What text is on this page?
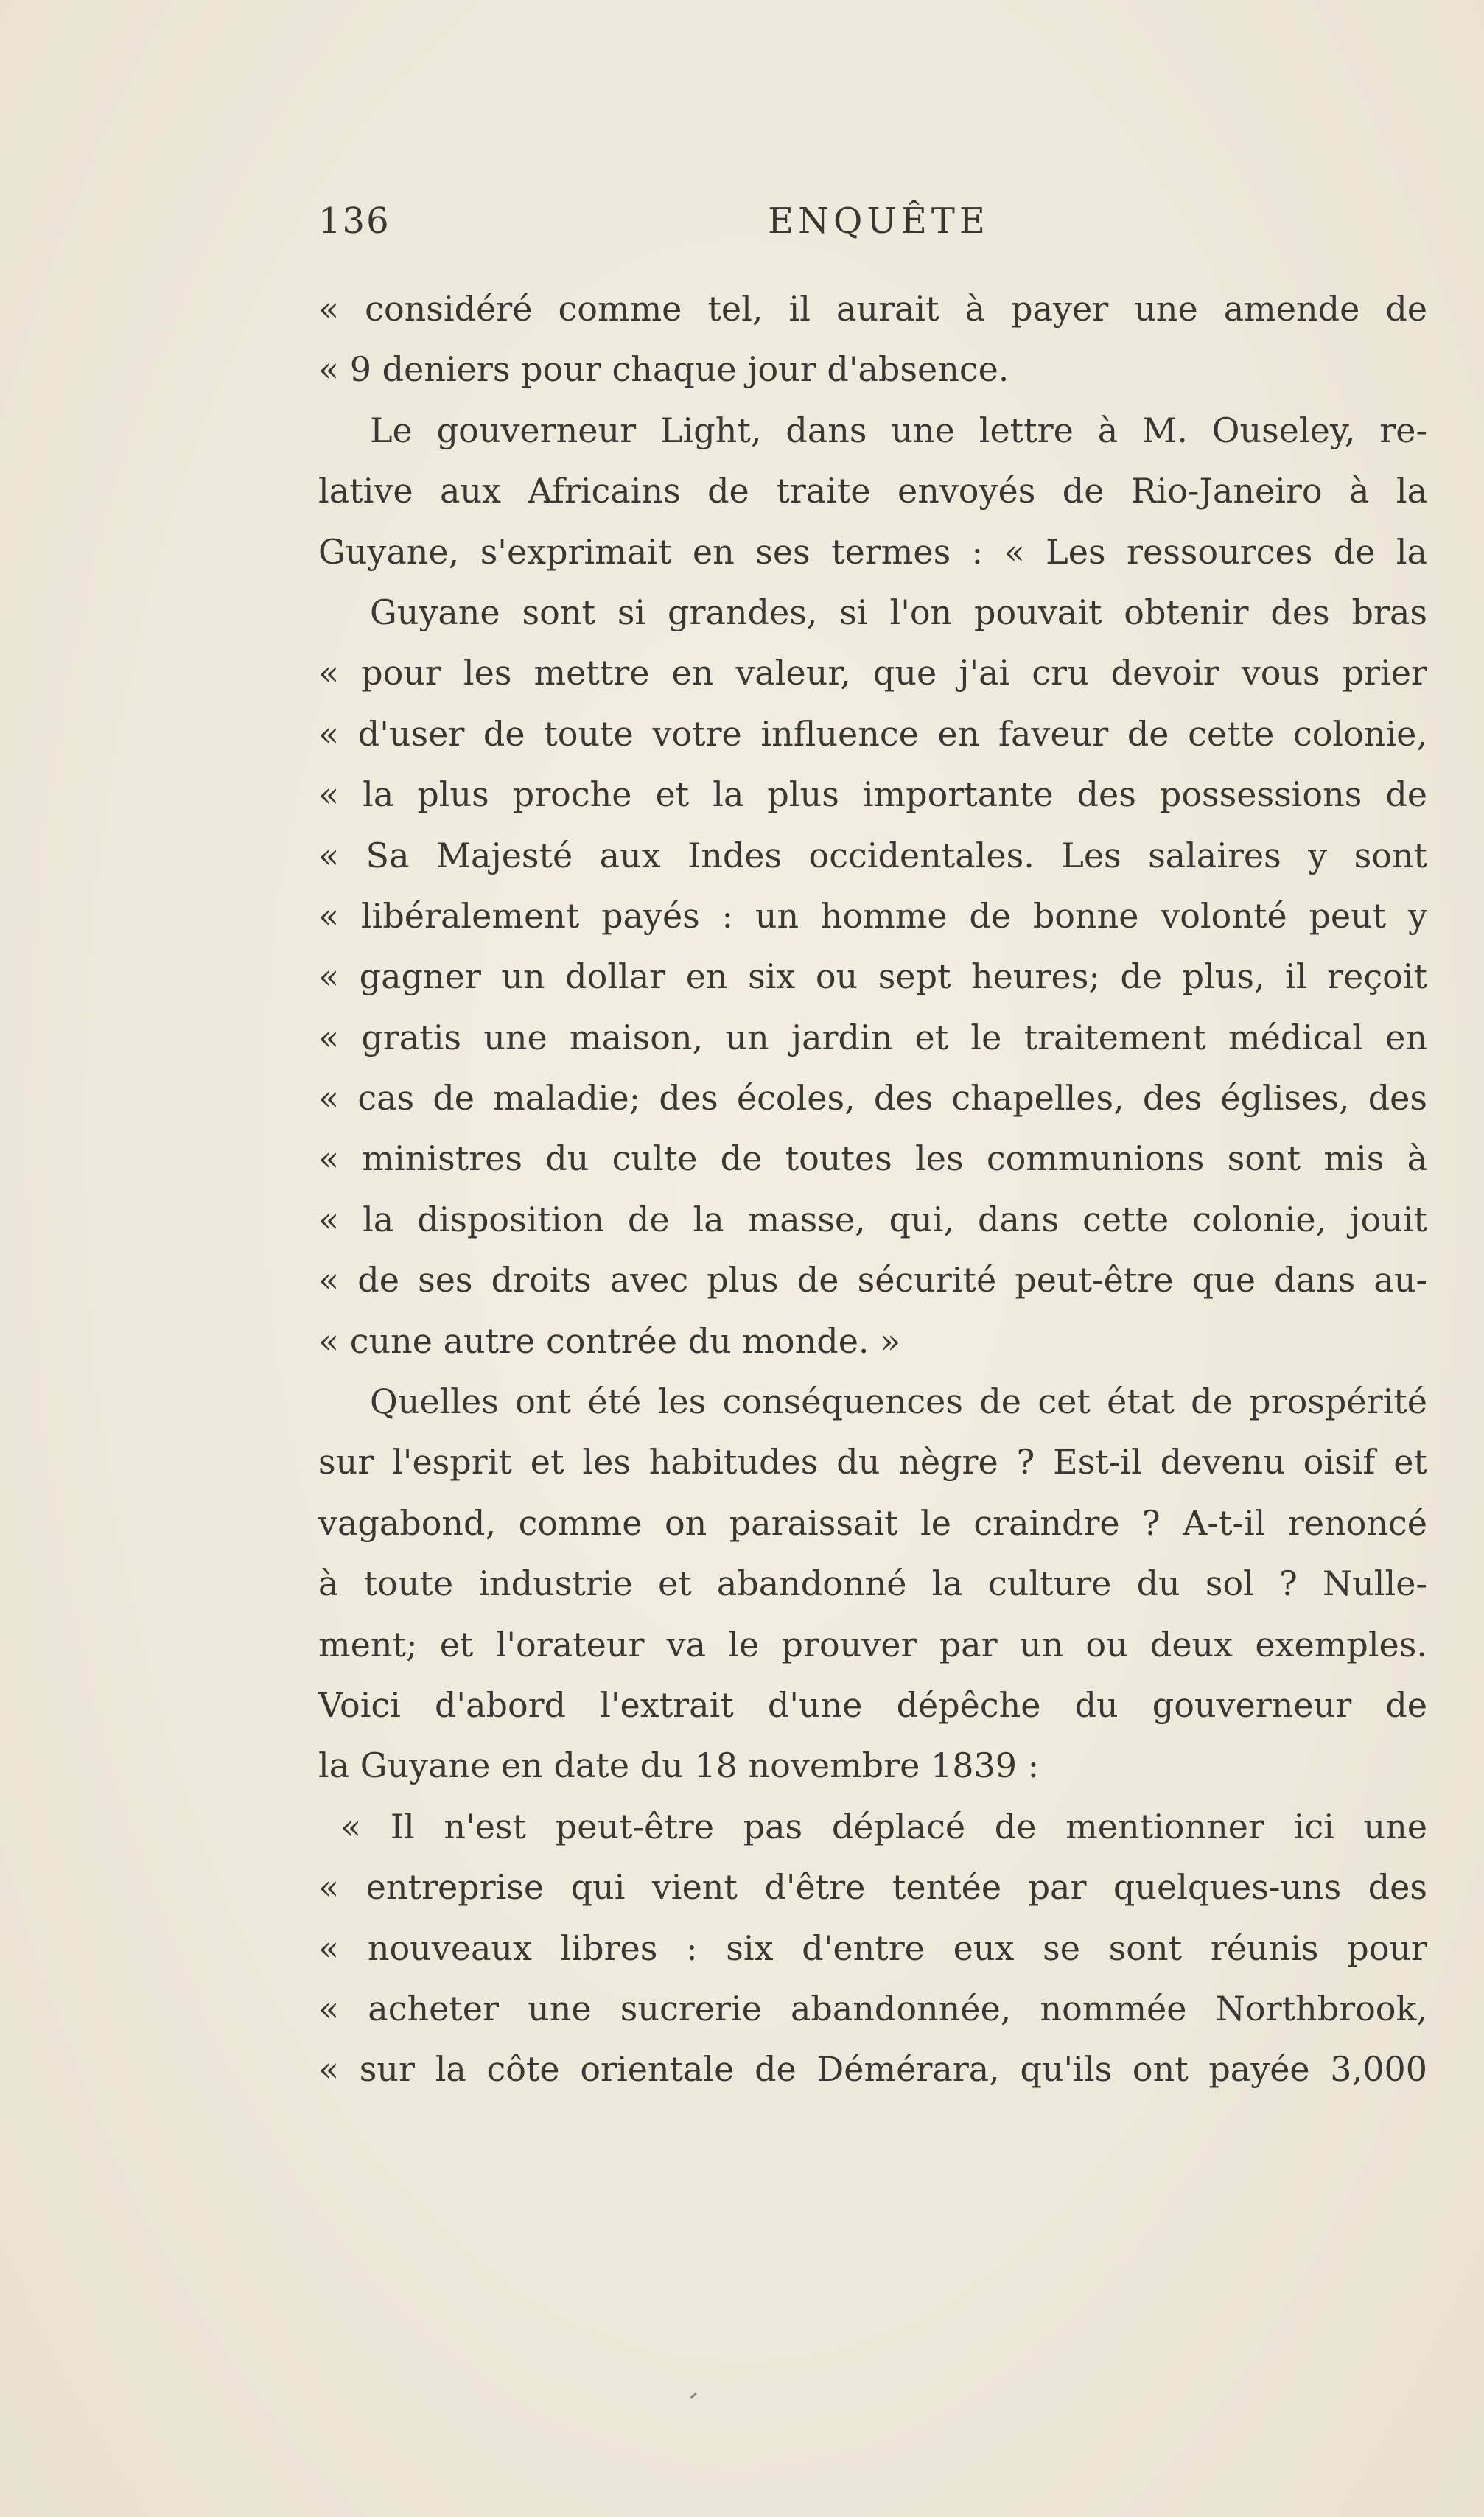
136	ENQUÊTE
« considéré comme tel, il aurait à payer une amende de
« 9 deniers pour chaque jour d'absence.
Le gouverneur Light, dans une lettre à M. Ouseley, re-
lative aux Africains de traite envoyés de Rio-Janeiro à la
Guyane, s'exprimait en ses termes : « Les ressources de la
Guyane sont si grandes, si l'on pouvait obtenir des bras
« pour les mettre en valeur, que j'ai cru devoir vous prier
« d'user de toute votre influence en faveur de cette colonie,
« la plus proche et la plus importante des possessions de
« Sa Majesté aux Indes occidentales. Les salaires y sont
« libéralement payés : un homme de bonne volonté peut y
« gagner un dollar en six ou sept heures; de plus, il reçoit
« gratis une maison, un jardin et le traitement médical en
« cas de maladie; des écoles, des chapelles, des églises, des
« ministres du culte de toutes les communions sont mis à
« la disposition de la masse, qui, dans cette colonie, jouit
« de ses droits avec plus de sécurité peut-être que dans au-
« cune autre contrée du monde. »
Quelles ont été les conséquences de cet état de prospérité
sur l'esprit et les habitudes du nègre ? Est-il devenu oisif et
vagabond, comme on paraissait le craindre ? A-t-il renoncé
à toute industrie et abandonné la culture du sol ? Nulle-
ment; et l'orateur va le prouver par un ou deux exemples.
Voici d'abord l'extrait d'une dépêche du gouverneur de
la Guyane en date du 18 novembre 1839 :
« Il n'est peut-être pas déplacé de mentionner ici une
« entreprise qui vient d'être tentée par quelques-uns des
« nouveaux libres : six d'entre eux se sont réunis pour
« acheter une sucrerie abandonnée, nommée Northbrook,
« sur la côte orientale de Démérara, qu'ils ont payée 3,000
